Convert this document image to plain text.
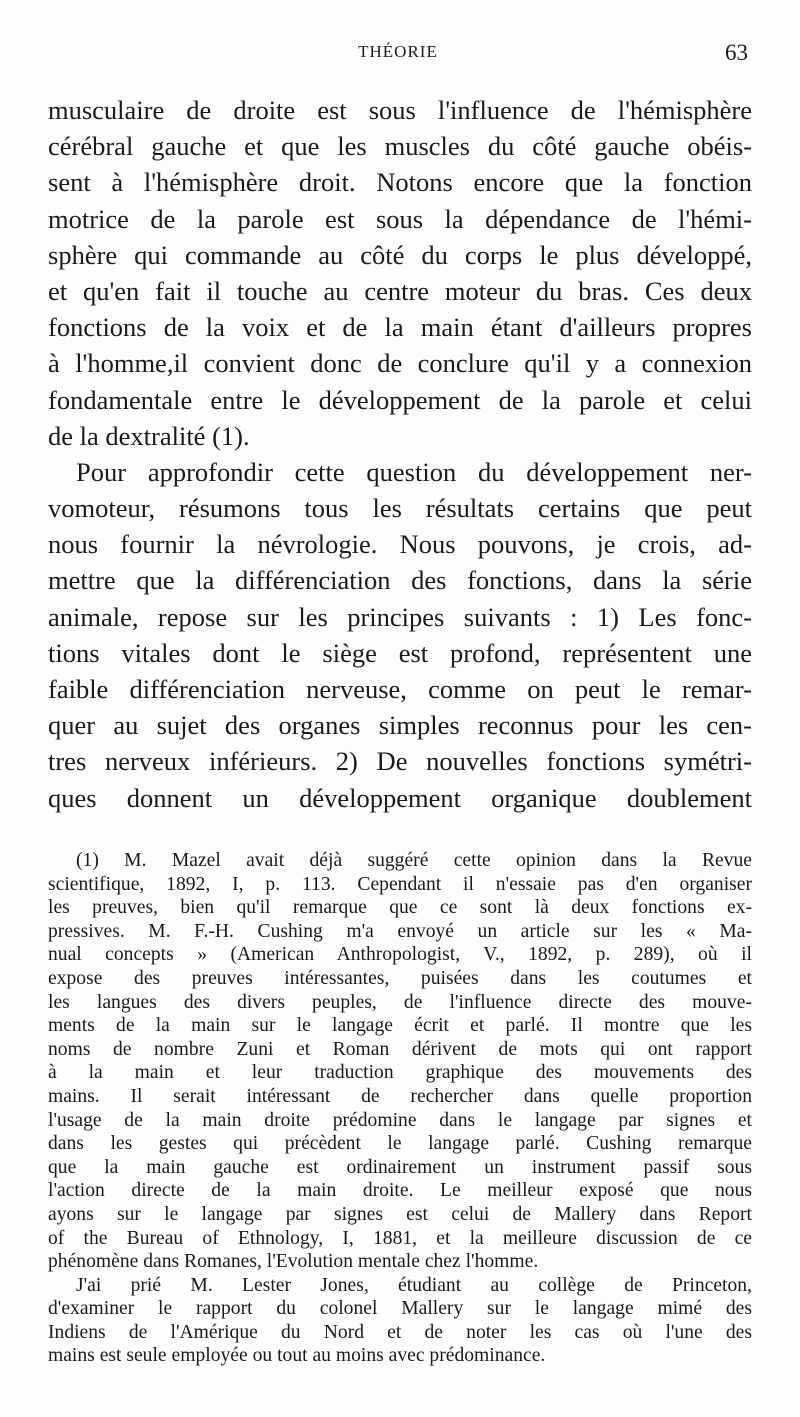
THÉORIE	63
musculaire de droite est sous l'influence de l'hémisphère
cérébral gauche et que les muscles du côté gauche obéis-
sent à l'hémisphère droit. Notons encore que la fonction
motrice de la parole est sous la dépendance de l'hémi-
sphère qui commande au côté du corps le plus développé,
et qu'en fait il touche au centre moteur du bras. Ces deux
fonctions de la voix et de la main étant d'ailleurs propres
à l'homme,il convient donc de conclure qu'il y a connexion
fondamentale entre le développement de la parole et celui
de la dextralité (1).
Pour approfondir cette question du développement ner-
vomoteur, résumons tous les résultats certains que peut
nous fournir la névrologie. Nous pouvons, je crois, ad-
mettre que la différenciation des fonctions, dans la série
animale, repose sur les principes suivants : 1) Les fonc-
tions vitales dont le siège est profond, représentent une
faible différenciation nerveuse, comme on peut le remar-
quer au sujet des organes simples reconnus pour les cen-
tres nerveux inférieurs. 2) De nouvelles fonctions symétri-
ques donnent un développement organique doublement
(1) M. Mazel avait déjà suggéré cette opinion dans la Revue
scientifique, 1892, I, p. 113. Cependant il n'essaie pas d'en organiser
les preuves, bien qu'il remarque que ce sont là deux fonctions ex-
pressives. M. F.-H. Cushing m'a envoyé un article sur les « Ma-
nual concepts » (American Anthropologist, V., 1892, p. 289), où il
expose des preuves intéressantes, puisées dans les coutumes et
les langues des divers peuples, de l'influence directe des mouve-
ments de la main sur le langage écrit et parlé. Il montre que les
noms de nombre Zuni et Roman dérivent de mots qui ont rapport
à la main et leur traduction graphique des mouvements des
mains. Il serait intéressant de rechercher dans quelle proportion
l'usage de la main droite prédomine dans le langage par signes et
dans les gestes qui précèdent le langage parlé. Cushing remarque
que la main gauche est ordinairement un instrument passif sous
l'action directe de la main droite. Le meilleur exposé que nous
ayons sur le langage par signes est celui de Mallery dans Report
of the Bureau of Ethnology, I, 1881, et la meilleure discussion de ce
phénomène dans Romanes, l'Evolution mentale chez l'homme.
J'ai prié M. Lester Jones, étudiant au collège de Princeton,
d'examiner le rapport du colonel Mallery sur le langage mimé des
Indiens de l'Amérique du Nord et de noter les cas où l'une des
mains est seule employée ou tout au moins avec prédominance.
